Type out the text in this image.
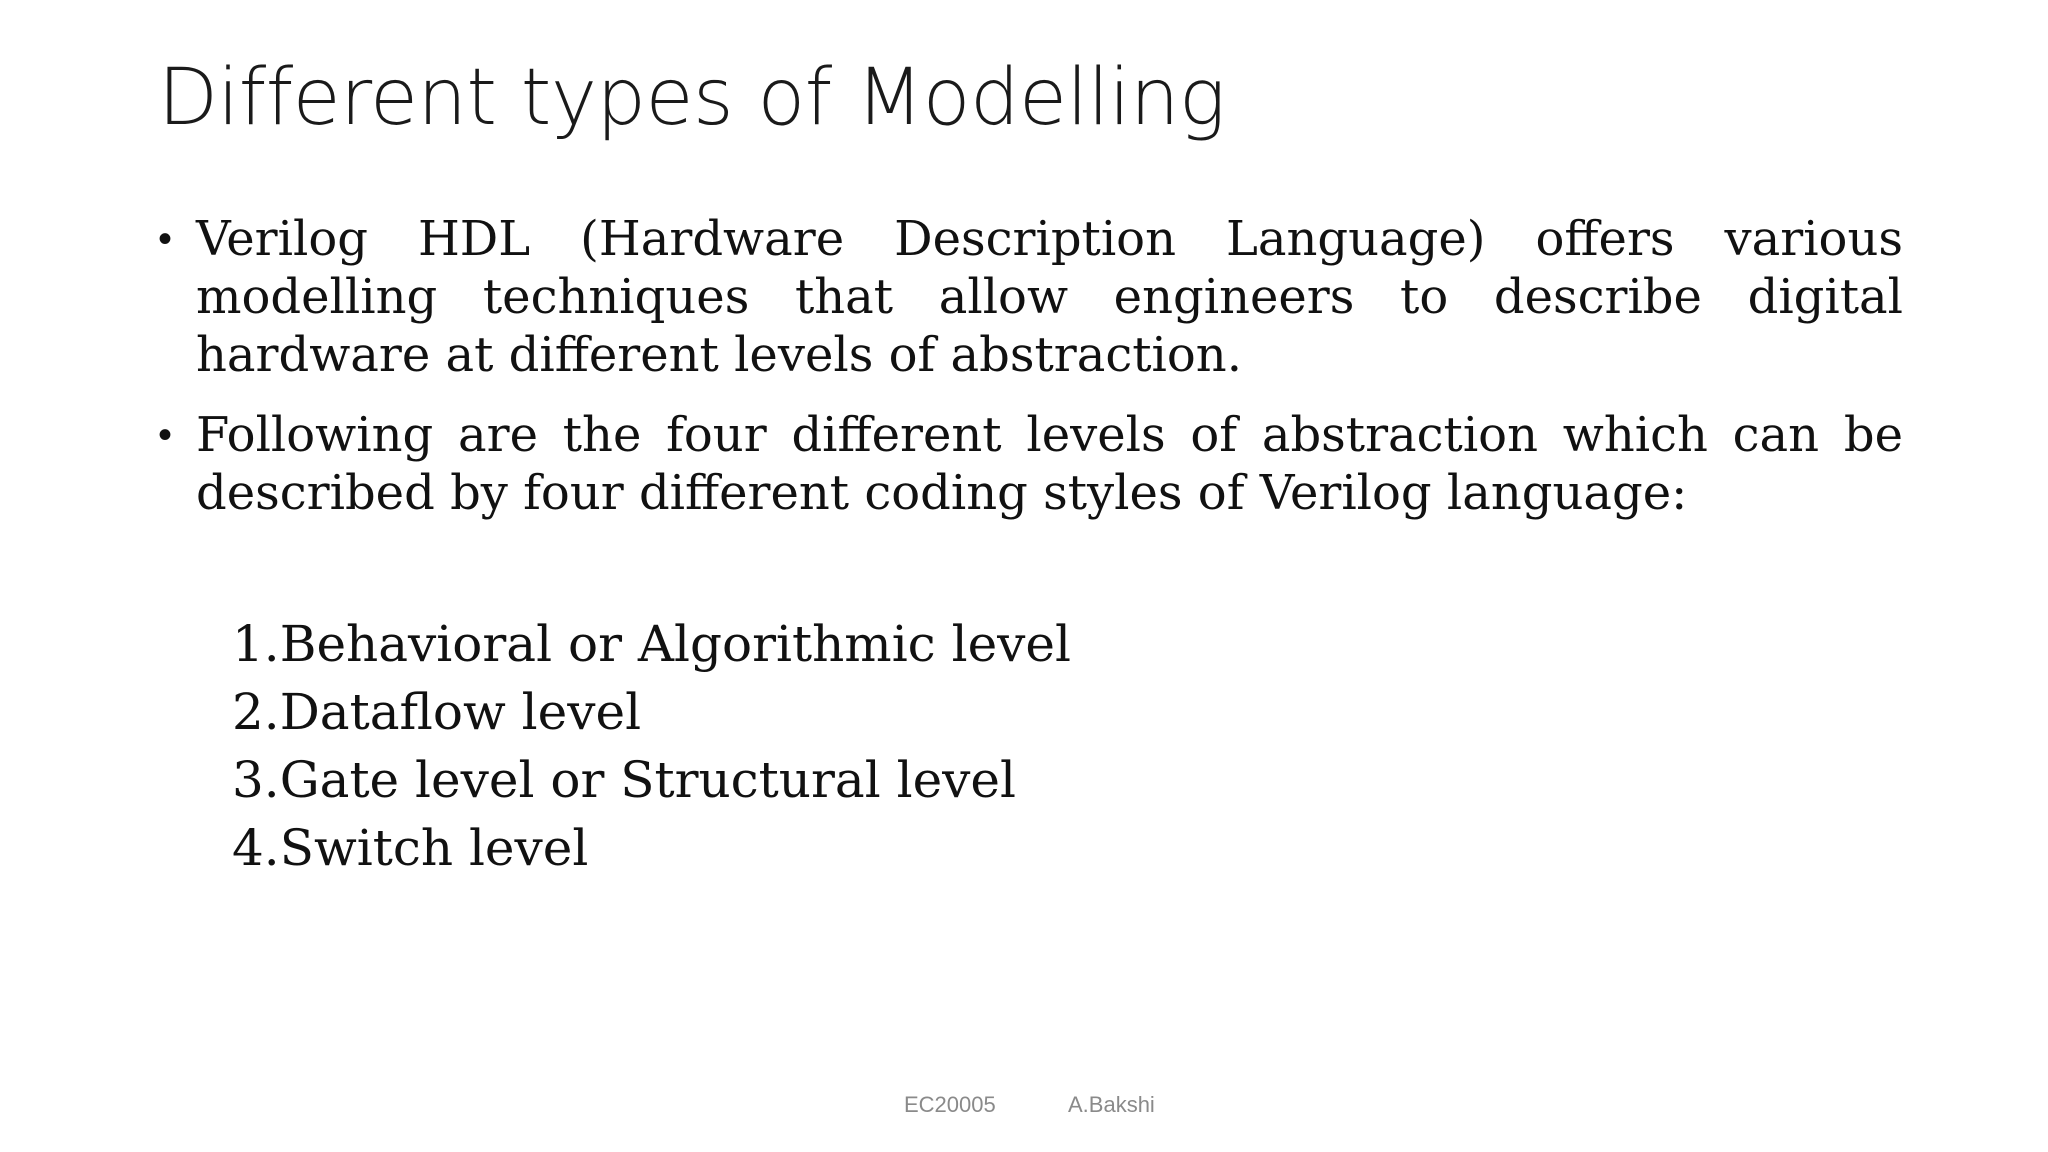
Different types of Modelling
• Verilog HDL (Hardware Description Language) offers various modelling techniques that allow engineers to describe digital hardware at different levels of abstraction.
• Following are the four different levels of abstraction which can be described by four different coding styles of Verilog language:
1.Behavioral or Algorithmic level
2.Dataflow level
3.Gate level or Structural level
4.Switch level
EC20005	A.Bakshi
